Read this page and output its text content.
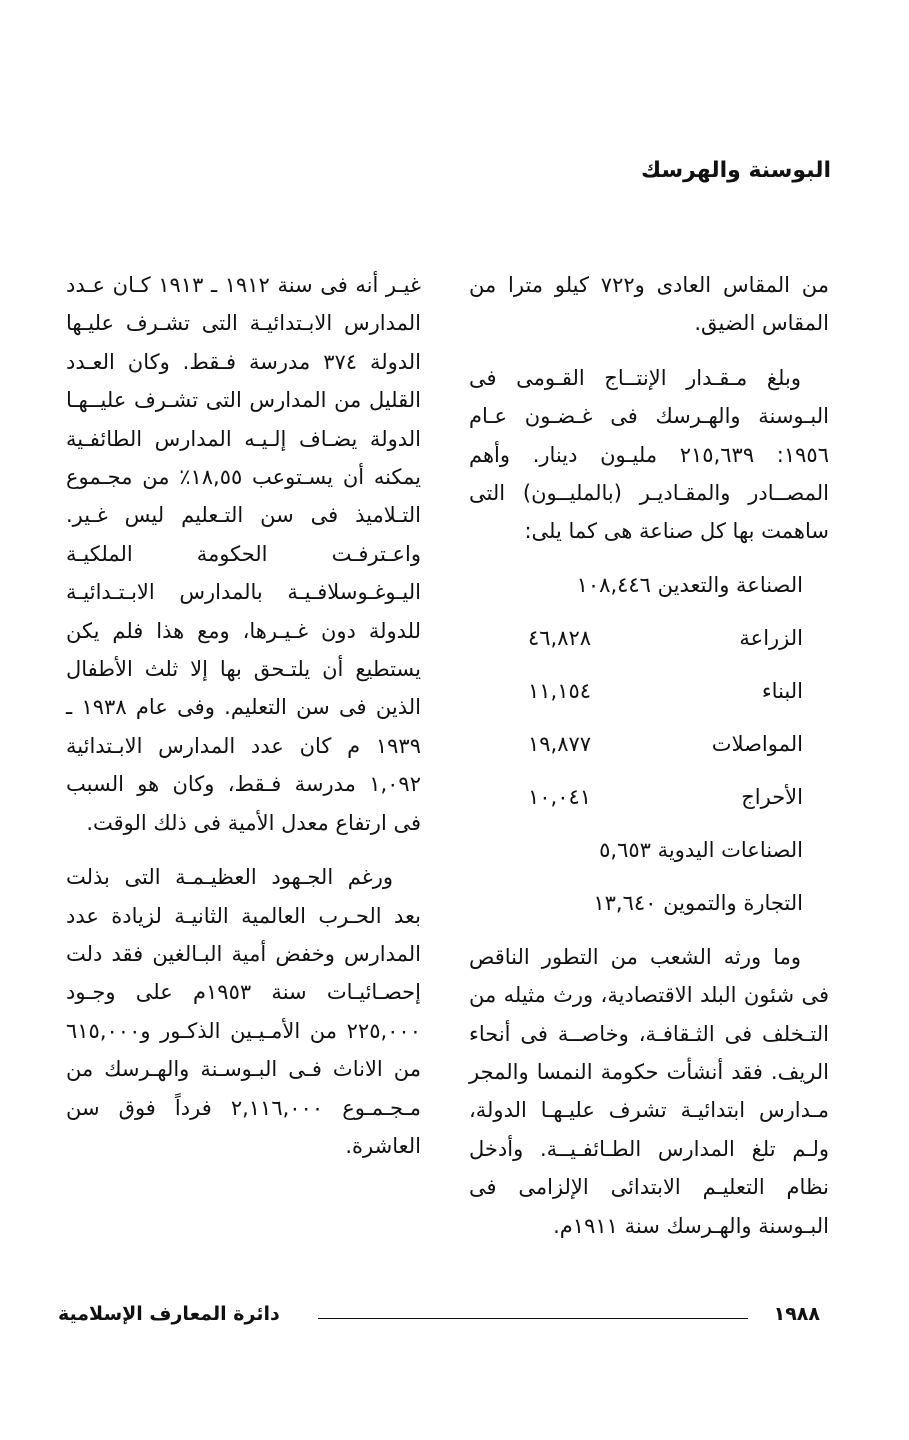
البوسنة والهرسك

من المقاس العادى و٧٢٢ كيلو مترا من المقاس الضيق.

وبلغ مـقـدار الإنتــاج القـومى فى البـوسنة والهـرسك فى غـضـون عـام ١٩٥٦: ٢١٥,٦٣٩ مليـون دينار. وأهم المصــادر والمقـاديـر (بالمليــون) التى ساهمت بها كل صناعة هى كما يلى:

الصناعة والتعدين ١٠٨,٤٤٦	
الزراعة	٤٦,٨٢٨
البناء	١١,١٥٤
المواصلات	١٩,٨٧٧
الأحراج	١٠,٠٤١
الصناعات اليدوية ٥,٦٥٣	
التجارة والتموين ١٣,٦٤٠	

وما ورثه الشعب من التطور الناقص فى شئون البلد الاقتصادية، ورث مثيله من التـخلف فى الثـقافـة، وخاصــة فى أنحاء الريف. فقد أنشأت حكومة النمسا والمجر مـدارس ابتدائيـة تشرف عليـهـا الدولة، ولـم تلغ المدارس الطـائفـيــة. وأدخل نظام التعليـم الابتدائى الإلزامى فى البـوسنة والهـرسك سنة ١٩١١م.

غيـر أنه فى سنة ١٩١٢ ـ ١٩١٣ كـان عـدد المدارس الابـتدائيـة التى تشـرف عليـها الدولة ٣٧٤ مدرسة فـقط. وكان العـدد القليل من المدارس التى تشـرف عليــهـا الدولة يضـاف إلـيـه المدارس الطائفـية يمكنه أن يسـتوعب ١٨,٥٥٪ من مجـموع التـلاميذ فى سن التـعليم ليس غـير. واعـترفـت الحكومة الملكيـة اليـوغـوسلافـيـة بالمدارس الابـتـدائيـة للدولة دون غـيـرها، ومع هذا فلم يكن يستطيع أن يلتـحق بها إلا ثلث الأطفال الذين فى سن التعليم. وفى عام ١٩٣٨ ـ ١٩٣٩ م كان عدد المدارس الابـتدائية ١,٠٩٢ مدرسة فـقط، وكان هو السبب فى ارتفاع معدل الأمية فى ذلك الوقت.

ورغم الجـهود العظيـمـة التى بذلت بعد الحـرب العالمية الثانيـة لزيادة عدد المدارس وخفض أمية البـالغين فقد دلت إحصـائيـات سنة ١٩٥٣م على وجـود ٢٢٥,٠٠٠ من الأمـيـين الذكـور و٦١٥,٠٠٠ من الاناث فـى البـوسـنة والهـرسك من مـجـمـوع ٢,١١٦,٠٠٠ فرداً فوق سن العاشرة.

١٩٨٨
دائرة المعارف الإسلامية
